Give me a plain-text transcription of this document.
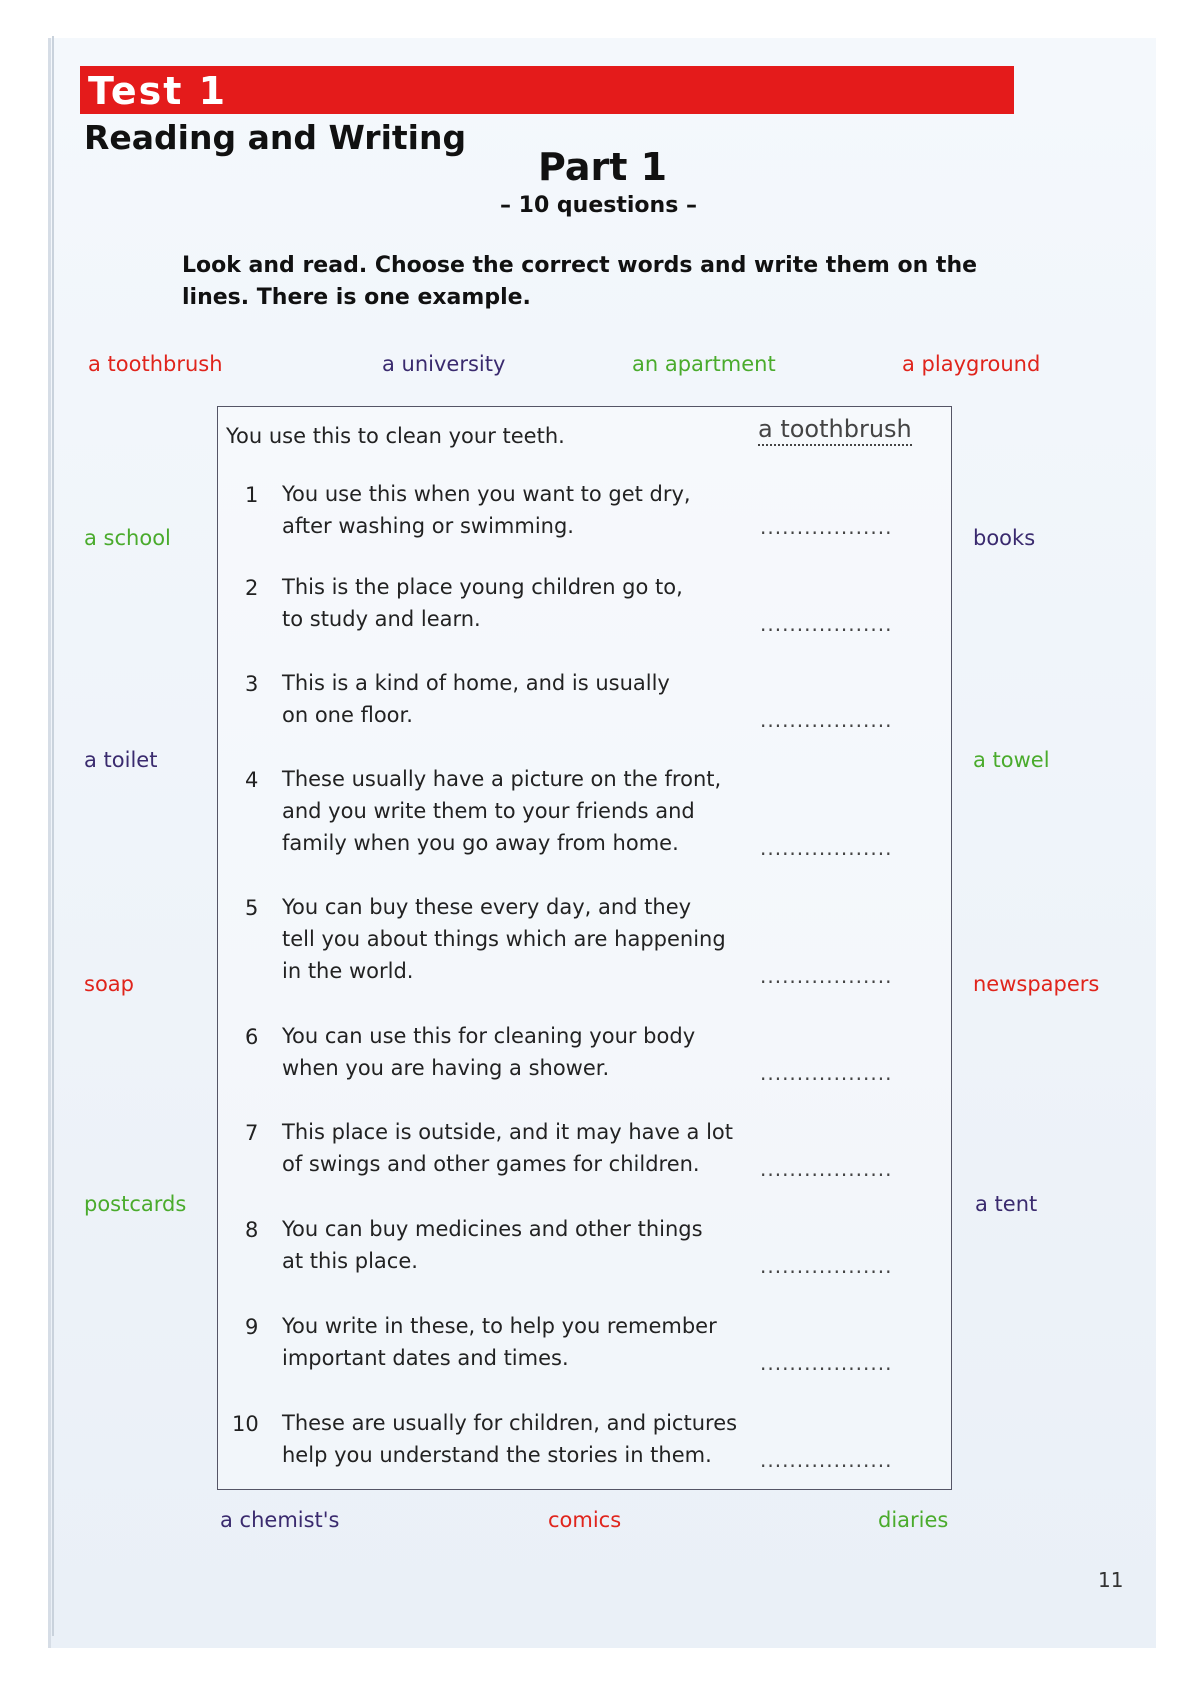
Test 1
Reading and Writing
Part 1
– 10 questions –
Look and read. Choose the correct words and write them on the lines. There is one example.
a toothbrush	a university	an apartment	a playground
a school	books
a toilet	a towel
soap	newspapers
postcards	a tent
a chemist's	comics	diaries
You use this to clean your teeth.	a toothbrush
1 You use this when you want to get dry,
after washing or swimming.	..................
2 This is the place young children go to,
to study and learn.	..................
3 This is a kind of home, and is usually
on one floor.	..................
4 These usually have a picture on the front,
and you write them to your friends and
family when you go away from home.	..................
5 You can buy these every day, and they
tell you about things which are happening
in the world.	..................
6 You can use this for cleaning your body
when you are having a shower.	..................
7 This place is outside, and it may have a lot
of swings and other games for children.	..................
8 You can buy medicines and other things
at this place.	..................
9 You write in these, to help you remember
important dates and times.	..................
10 These are usually for children, and pictures
help you understand the stories in them.	..................
11
